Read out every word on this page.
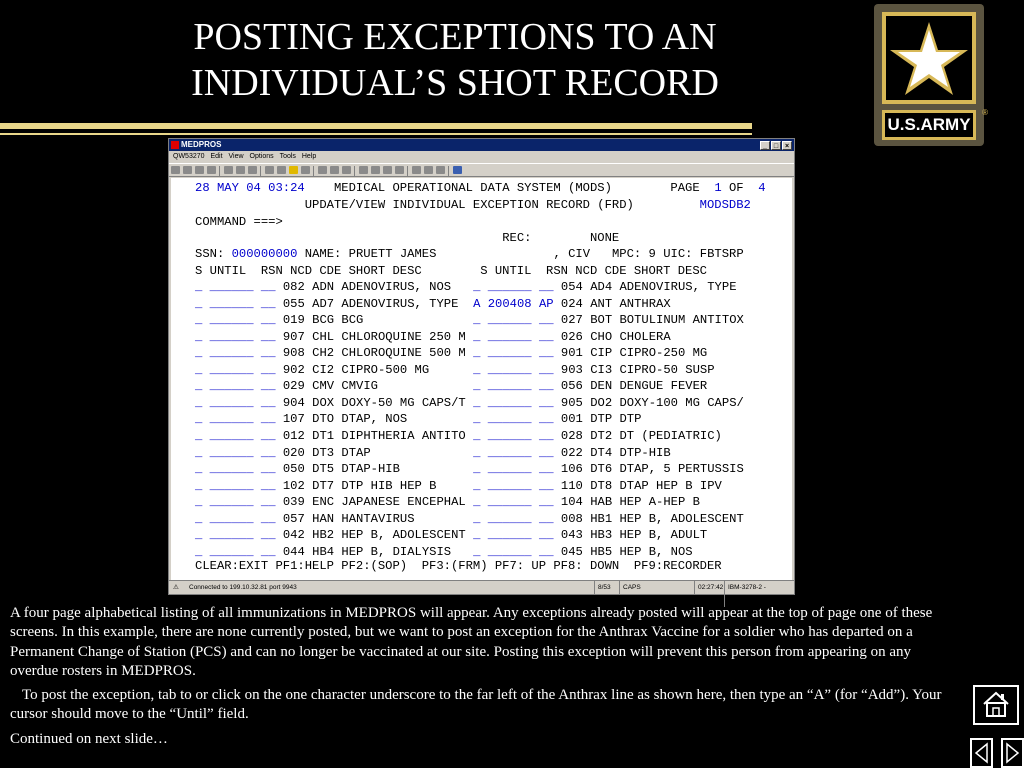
POSTING EXCEPTIONS TO AN
INDIVIDUAL’S SHOT RECORD
U.S.ARMY
®
MEDPROS	_ □ ×
QW53270 Edit View Options Tools Help
28 MAY 04 03:24 MEDICAL OPERATIONAL DATA SYSTEM (MODS)	PAGE 1 OF 4
UPDATE/VIEW INDIVIDUAL EXCEPTION RECORD (FRD)	MODSDB2
COMMAND ===>
REC:	NONE
SSN: 000000000 NAME: PRUETT JAMES	, CIV MPC: 9 UIC: FBTSRP
S UNTIL  RSN NCD CDE SHORT DESC        S UNTIL  RSN NCD CDE SHORT DESC
_ ______ __ 082 ADN ADENOVIRUS, NOS _ ______ __ 054 AD4 ADENOVIRUS, TYPE
_ ______ __ 055 AD7 ADENOVIRUS, TYPE A 200408 AP 024 ANT ANTHRAX
_ ______ __ 019 BCG BCG	_ ______ __ 027 BOT BOTULINUM ANTITOX
_ ______ __ 907 CHL CHLOROQUINE 250 M _ ______ __ 026 CHO CHOLERA
_ ______ __ 908 CH2 CHLOROQUINE 500 M _ ______ __ 901 CIP CIPRO-250 MG
_ ______ __ 902 CI2 CIPRO-500 MG	_ ______ __ 903 CI3 CIPRO-50 SUSP
_ ______ __ 029 CMV CMVIG	_ ______ __ 056 DEN DENGUE FEVER
_ ______ __ 904 DOX DOXY-50 MG CAPS/T _ ______ __ 905 DO2 DOXY-100 MG CAPS/
_ ______ __ 107 DTO DTAP, NOS	_ ______ __ 001 DTP DTP
_ ______ __ 012 DT1 DIPHTHERIA ANTITO _ ______ __ 028 DT2 DT (PEDIATRIC)
_ ______ __ 020 DT3 DTAP	_ ______ __ 022 DT4 DTP-HIB
_ ______ __ 050 DT5 DTAP-HIB	_ ______ __ 106 DT6 DTAP, 5 PERTUSSIS
_ ______ __ 102 DT7 DTP HIB HEP B	_ ______ __ 110 DT8 DTAP HEP B IPV
_ ______ __ 039 ENC JAPANESE ENCEPHAL _ ______ __ 104 HAB HEP A-HEP B
_ ______ __ 057 HAN HANTAVIRUS	_ ______ __ 008 HB1 HEP B, ADOLESCENT
_ ______ __ 042 HB2 HEP B, ADOLESCENT _ ______ __ 043 HB3 HEP B, ADULT
_ ______ __ 044 HB4 HEP B, DIALYSIS _ ______ __ 045 HB5 HEP B, NOS
CLEAR:EXIT PF1:HELP PF2:(SOP)  PF3:(FRM) PF7: UP PF8: DOWN  PF9:RECORDER
⚠ Connected to 199.10.32.81 port 9943	8/53	CAPS	02:27:42 IBM-3278-2 - TCP10007

A four page alphabetical listing of all immunizations in MEDPROS will appear. Any exceptions already posted will appear at the top of page one of these screens. In this example, there are none currently posted, but we want to post an exception for the Anthrax Vaccine for a soldier who has departed on a Permanent Change of Station (PCS) and can no longer be vaccinated at our site. Posting this exception will prevent this person from appearing on any overdue rosters in MEDPROS.

To post the exception, tab to or click on the one character underscore to the far left of the Anthrax line as shown here, then type an “A” (for “Add”). Your cursor should move to the “Until” field.

Continued on next slide…
